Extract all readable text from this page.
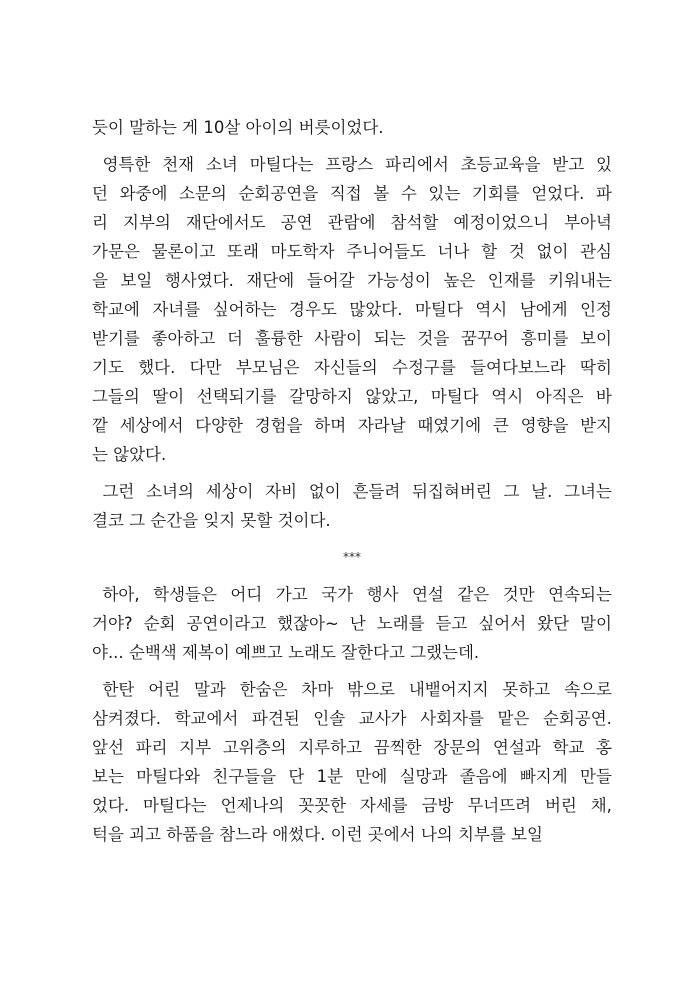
듯이 말하는 게 10살 아이의 버릇이었다.
영특한 천재 소녀 마틸다는 프랑스 파리에서 초등교육을 받고 있
던 와중에 소문의 순회공연을 직접 볼 수 있는 기회를 얻었다. 파
리 지부의 재단에서도 공연 관람에 참석할 예정이었으니 부아녁
가문은 물론이고 또래 마도학자 주니어들도 너나 할 것 없이 관심
을 보일 행사였다. 재단에 들어갈 가능성이 높은 인재를 키워내는
학교에 자녀를 싶어하는 경우도 많았다. 마틸다 역시 남에게 인정
받기를 좋아하고 더 훌륭한 사람이 되는 것을 꿈꾸어 흥미를 보이
기도 했다. 다만 부모님은 자신들의 수정구를 들여다보느라 딱히
그들의 딸이 선택되기를 갈망하지 않았고, 마틸다 역시 아직은 바
깥 세상에서 다양한 경험을 하며 자라날 때였기에 큰 영향을 받지
는 않았다.
그런 소녀의 세상이 자비 없이 흔들려 뒤집혀버린 그 날. 그녀는
결코 그 순간을 잊지 못할 것이다.
***
하아, 학생들은 어디 가고 국가 행사 연설 같은 것만 연속되는
거야? 순회 공연이라고 했잖아~ 난 노래를 듣고 싶어서 왔단 말이
야... 순백색 제복이 예쁘고 노래도 잘한다고 그랬는데.
한탄 어린 말과 한숨은 차마 밖으로 내뱉어지지 못하고 속으로
삼켜졌다. 학교에서 파견된 인솔 교사가 사회자를 맡은 순회공연.
앞선 파리 지부 고위층의 지루하고 끔찍한 장문의 연설과 학교 홍
보는 마틸다와 친구들을 단 1분 만에 실망과 졸음에 빠지게 만들
었다. 마틸다는 언제나의 꼿꼿한 자세를 금방 무너뜨려 버린 채,
턱을 괴고 하품을 참느라 애썼다. 이런 곳에서 나의 치부를 보일
